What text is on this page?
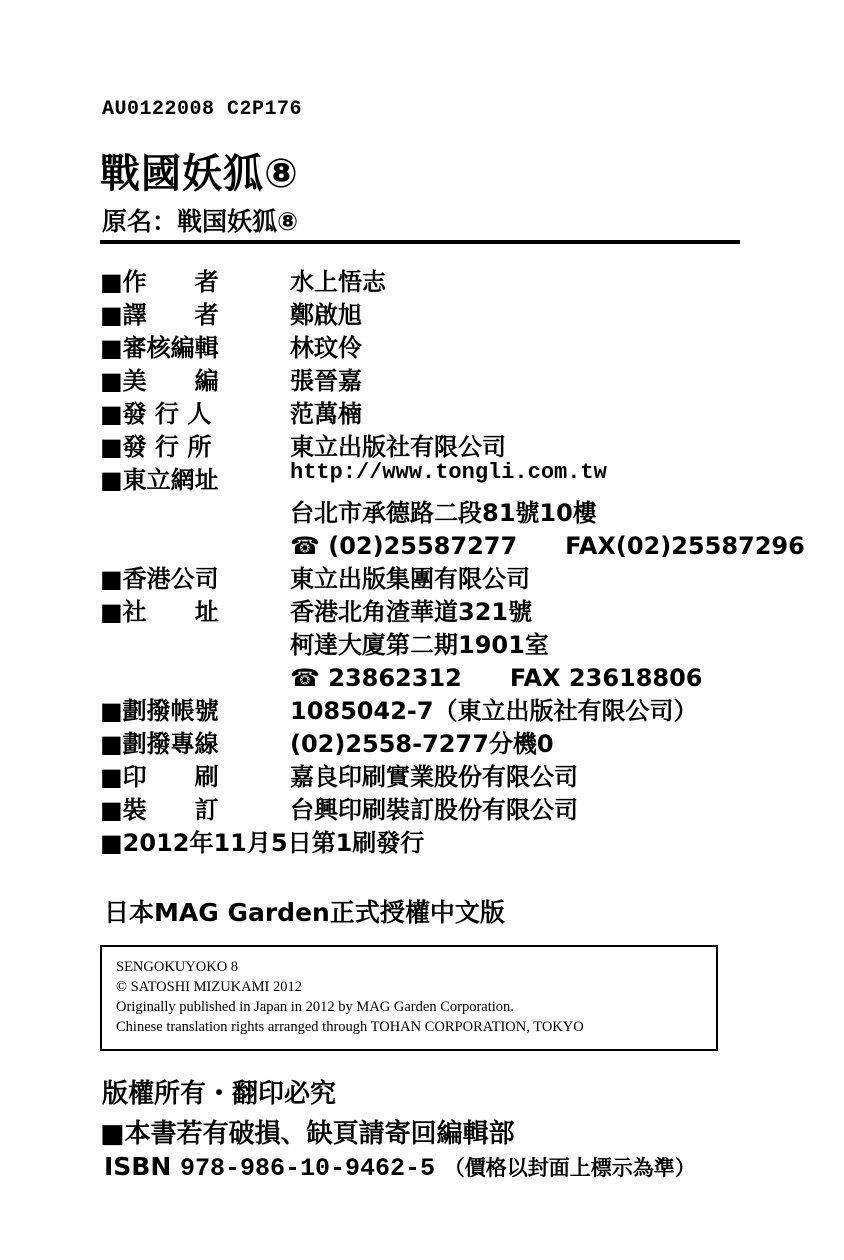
AU0122008 C2P176
戰國妖狐⑧
原名：戦国妖狐⑧
■作　　者	水上悟志
■譯　　者	鄭啟旭
■審核編輯	林玟伶
■美　　編	張晉嘉
■發 行 人	范萬楠
■發 行 所	東立出版社有限公司
■東立網址	http://www.tongli.com.tw
台北市承德路二段81號10樓
☎ (02)25587277　　FAX(02)25587296
■香港公司	東立出版集團有限公司
■社　　址	香港北角渣華道321號
柯達大廈第二期1901室
☎ 23862312　　FAX 23618806
■劃撥帳號	1085042-7（東立出版社有限公司）
■劃撥專線	(02)2558-7277分機0
■印　　刷	嘉良印刷實業股份有限公司
■裝　　訂	台興印刷裝訂股份有限公司
■2012年11月5日第1刷發行
日本MAG Garden正式授權中文版
SENGOKUYOKO 8
© SATOSHI MIZUKAMI 2012
Originally published in Japan in 2012 by MAG Garden Corporation.
Chinese translation rights arranged through TOHAN CORPORATION, TOKYO
版權所有・翻印必究
■本書若有破損、缺頁請寄回編輯部
ISBN 978-986-10-9462-5 （價格以封面上標示為準）
